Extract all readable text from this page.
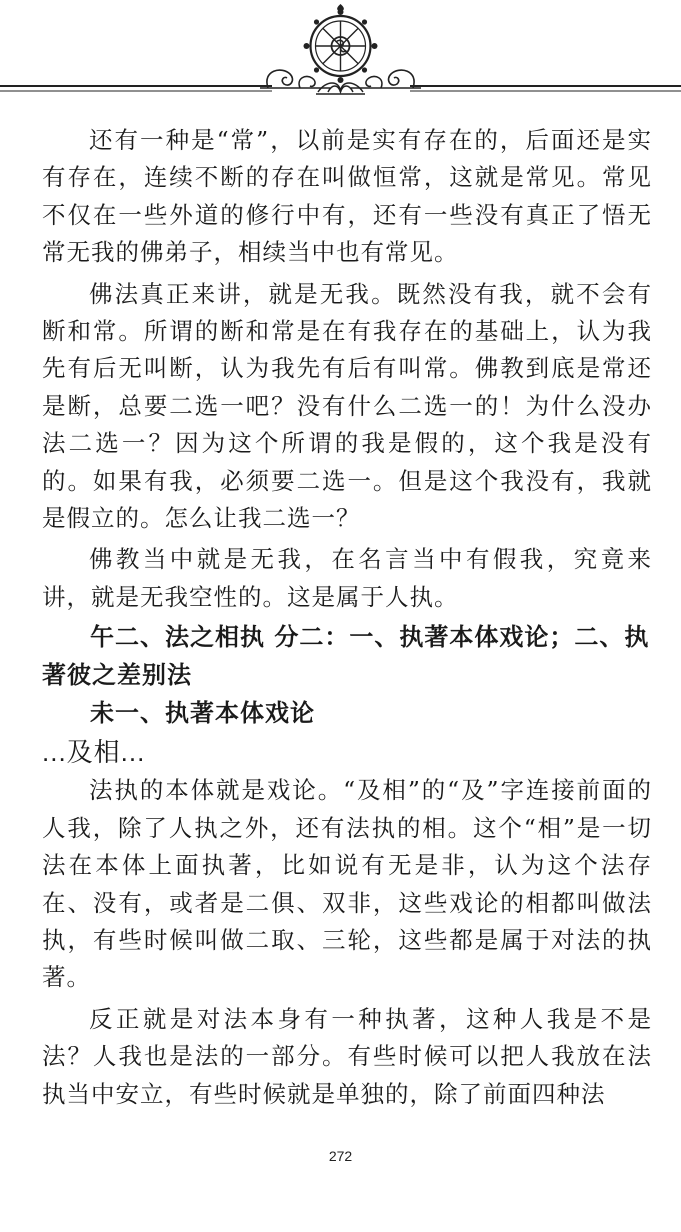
还有一种是“常”，以前是实有存在的，后面还是实有存在，连续不断的存在叫做恒常，这就是常见。常见不仅在一些外道的修行中有，还有一些没有真正了悟无常无我的佛弟子，相续当中也有常见。

佛法真正来讲，就是无我。既然没有我，就不会有断和常。所谓的断和常是在有我存在的基础上，认为我先有后无叫断，认为我先有后有叫常。佛教到底是常还是断，总要二选一吧？没有什么二选一的！为什么没办法二选一？因为这个所谓的我是假的，这个我是没有的。如果有我，必须要二选一。但是这个我没有，我就是假立的。怎么让我二选一？

佛教当中就是无我，在名言当中有假我，究竟来讲，就是无我空性的。这是属于人执。

午二、法之相执 分二：一、执著本体戏论；二、执著彼之差别法
未一、执著本体戏论

...及相...

法执的本体就是戏论。“及相”的“及”字连接前面的人我，除了人执之外，还有法执的相。这个“相”是一切法在本体上面执著，比如说有无是非，认为这个法存在、没有，或者是二俱、双非，这些戏论的相都叫做法执，有些时候叫做二取、三轮，这些都是属于对法的执著。

反正就是对法本身有一种执著，这种人我是不是法？人我也是法的一部分。有些时候可以把人我放在法执当中安立，有些时候就是单独的，除了前面四种法

272
